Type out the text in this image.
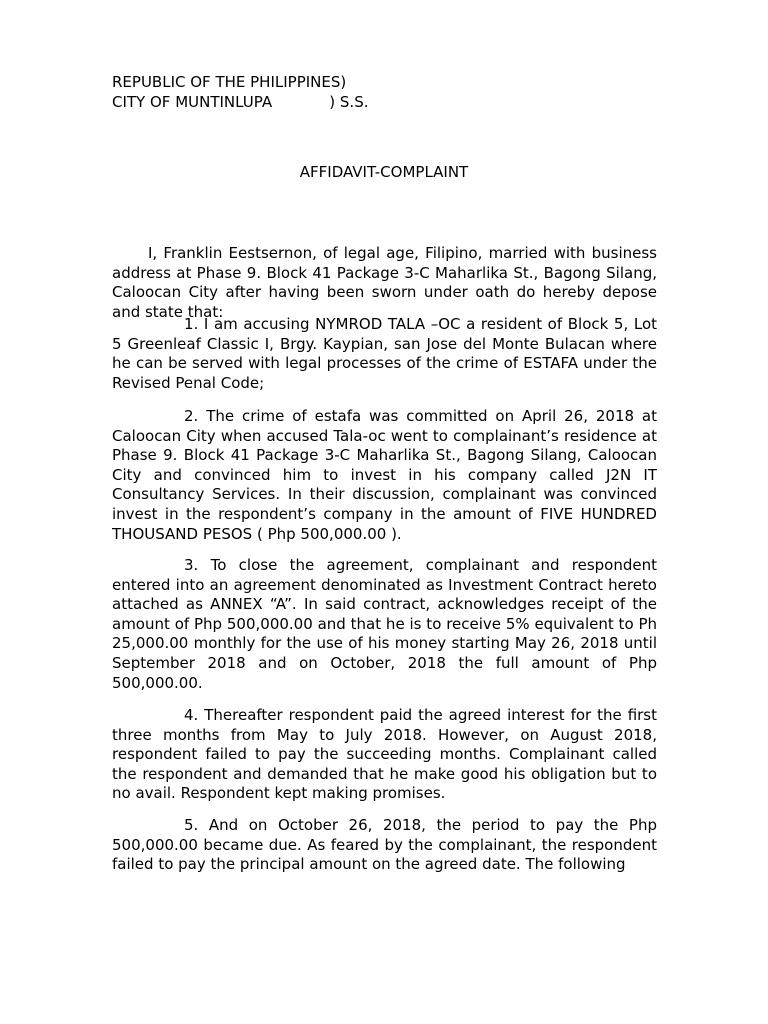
REPUBLIC OF THE PHILIPPINES)
CITY OF MUNTINLUPA            ) S.S.
AFFIDAVIT-COMPLAINT

I, Franklin Eestsernon, of legal age, Filipino, married with business address at Phase 9. Block 41 Package 3-C Maharlika St., Bagong Silang, Caloocan City after having been sworn under oath do hereby depose and state that:

1. I am accusing NYMROD TALA –OC a resident of Block 5, Lot 5 Greenleaf Classic I, Brgy. Kaypian, san Jose del Monte Bulacan where he can be served with legal processes of the crime of ESTAFA under the Revised Penal Code;

2. The crime of estafa was committed on April 26, 2018 at Caloocan City when accused Tala-oc went to complainant’s residence at Phase 9. Block 41 Package 3-C Maharlika St., Bagong Silang, Caloocan City and convinced him to invest in his company called J2N IT Consultancy Services. In their discussion, complainant was convinced invest in the respondent’s company in the amount of FIVE HUNDRED THOUSAND PESOS ( Php 500,000.00 ).

3. To close the agreement, complainant and respondent entered into an agreement denominated as Investment Contract hereto attached as ANNEX “A”. In said contract, acknowledges receipt of the amount of Php 500,000.00 and that he is to receive 5% equivalent to Ph 25,000.00 monthly for the use of his money starting May 26, 2018 until September 2018 and on October, 2018 the full amount of Php 500,000.00.

4. Thereafter respondent paid the agreed interest for the first three months from May to July 2018. However, on August 2018, respondent failed to pay the succeeding months. Complainant called the respondent and demanded that he make good his obligation but to no avail. Respondent kept making promises.

5. And on October 26, 2018, the period to pay the Php 500,000.00 became due. As feared by the complainant, the respondent failed to pay the principal amount on the agreed date. The following
